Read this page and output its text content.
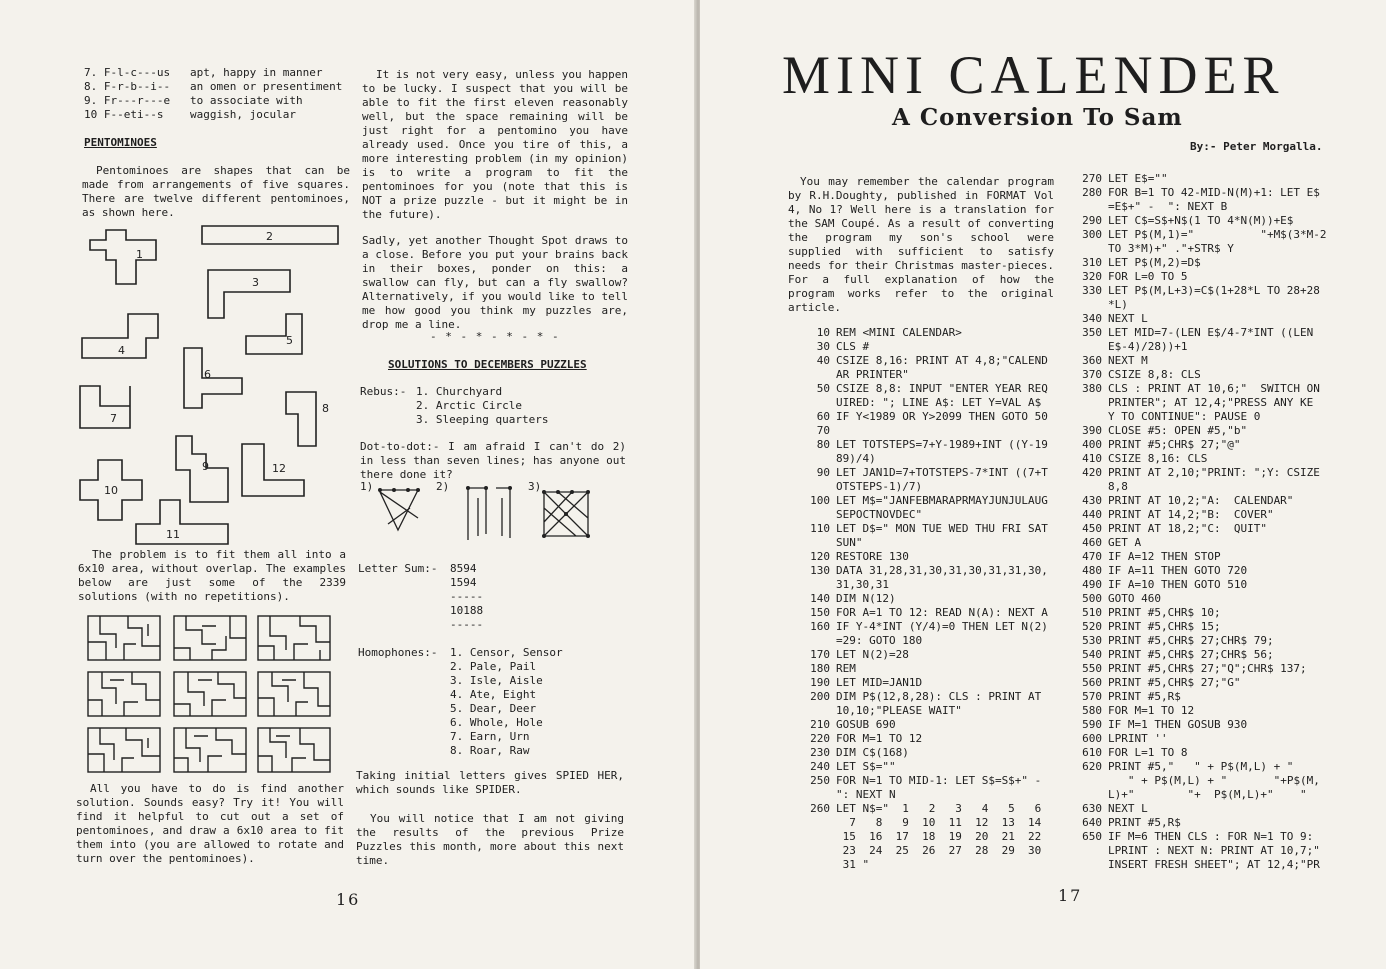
7. F-l-c---us	apt, happy in manner
8. F-r-b--i--	an omen or presentiment
9. Fr---r---e	to associate with
10 F--eti--s	waggish, jocular
PENTOMINOES

Pentominoes are shapes that can be made from arrangements of five squares. There are twelve different pentominoes, as shown here.

1
2
3
4
5
6
7
8
9
10
11
12

The problem is to fit them all into a 6x10 area, without overlap. The examples below are just some of the 2339 solutions (with no repetitions).

All you have to do is find another solution. Sounds easy? Try it! You will find it helpful to cut out a set of pentominoes, and draw a 6x10 area to fit them into (you are allowed to rotate and turn over the pentominoes).

It is not very easy, unless you happen to be lucky. I suspect that you will be able to fit the first eleven reasonably well, but the space remaining will be just right for a pentomino you have already used. Once you tire of this, a more interesting problem (in my opinion) is to write a program to fit the pentominoes for you (note that this is NOT a prize puzzle - but it might be in the future).

Sadly, yet another Thought Spot draws to a close. Before you put your brains back in their boxes, ponder on this: a swallow can fly, but can a fly swallow? Alternatively, if you would like to tell me how good you think my puzzles are, drop me a line.

- * - * - * - * -
SOLUTIONS TO DECEMBERS PUZZLES
Rebus:- 1. Churchyard
2. Arctic Circle
3. Sleeping quarters

Dot-to-dot:- I am afraid I can't do 2) in less than seven lines; has anyone out there done it?

1)	2)	3)
Letter Sum:-	8594
1594
-----
10188
-----
Homophones:-	1. Censor, Sensor
2. Pale, Pail
3. Isle, Aisle
4. Ate, Eight
5. Dear, Deer
6. Whole, Hole
7. Earn, Urn
8. Roar, Raw

Taking initial letters gives SPIED HER, which sounds like SPIDER.

You will notice that I am not giving the results of the previous Prize Puzzles this month, more about this next time.

16
MINI CALENDER
A Conversion To Sam
By:- Peter Morgalla.

You may remember the calendar program by R.H.Doughty, published in FORMAT Vol 4, No 1? Well here is a translation for the SAM Coupé. As a result of converting the program my son's school were supplied with sufficient to satisfy needs for their Christmas master-pieces. For a full explanation of how the program works refer to the original article.

10 REM <MINI CALENDAR>
30 CLS #
40 CSIZE 8,16: PRINT AT 4,8;"CALEND
AR PRINTER"
50 CSIZE 8,8: INPUT "ENTER YEAR REQ
UIRED: "; LINE A$: LET Y=VAL A$
60 IF Y<1989 OR Y>2099 THEN GOTO 50
70
80 LET TOTSTEPS=7+Y-1989+INT ((Y-19
89)/4)
90 LET JAN1D=7+TOTSTEPS-7*INT ((7+T
OTSTEPS-1)/7)
100 LET M$="JANFEBMARAPRMAYJUNJULAUG
SEPOCTNOVDEC"
110 LET D$=" MON TUE WED THU FRI SAT
SUN"
120 RESTORE 130
130 DATA 31,28,31,30,31,30,31,31,30,
31,30,31
140 DIM N(12)
150 FOR A=1 TO 12: READ N(A): NEXT A
160 IF Y-4*INT (Y/4)=0 THEN LET N(2)
=29: GOTO 180
170 LET N(2)=28
180 REM
190 LET MID=JAN1D
200 DIM P$(12,8,28): CLS : PRINT AT
10,10;"PLEASE WAIT"
210 GOSUB 690
220 FOR M=1 TO 12
230 DIM C$(168)
240 LET S$=""
250 FOR N=1 TO MID-1: LET S$=S$+" -
": NEXT N
260 LET N$="  1   2   3   4   5   6
7   8   9  10  11  12  13  14
15  16  17  18  19  20  21  22
23  24  25  26  27  28  29  30
31 "
270 LET E$=""
280 FOR B=1 TO 42-MID-N(M)+1: LET E$
=E$+" -  ": NEXT B
290 LET C$=S$+N$(1 TO 4*N(M))+E$
300 LET P$(M,1)="          "+M$(3*M-2
TO 3*M)+" ."+STR$ Y
310 LET P$(M,2)=D$
320 FOR L=0 TO 5
330 LET P$(M,L+3)=C$(1+28*L TO 28+28
*L)
340 NEXT L
350 LET MID=7-(LEN E$/4-7*INT ((LEN
E$-4)/28))+1
360 NEXT M
370 CSIZE 8,8: CLS
380 CLS : PRINT AT 10,6;"  SWITCH ON
PRINTER"; AT 12,4;"PRESS ANY KE
Y TO CONTINUE": PAUSE 0
390 CLOSE #5: OPEN #5,"b"
400 PRINT #5;CHR$ 27;"@"
410 CSIZE 8,16: CLS
420 PRINT AT 2,10;"PRINT: ";Y: CSIZE
8,8
430 PRINT AT 10,2;"A:  CALENDAR"
440 PRINT AT 14,2;"B:  COVER"
450 PRINT AT 18,2;"C:  QUIT"
460 GET A
470 IF A=12 THEN STOP
480 IF A=11 THEN GOTO 720
490 IF A=10 THEN GOTO 510
500 GOTO 460
510 PRINT #5,CHR$ 10;
520 PRINT #5,CHR$ 15;
530 PRINT #5,CHR$ 27;CHR$ 79;
540 PRINT #5,CHR$ 27;CHR$ 56;
550 PRINT #5,CHR$ 27;"Q";CHR$ 137;
560 PRINT #5,CHR$ 27;"G"
570 PRINT #5,R$
580 FOR M=1 TO 12
590 IF M=1 THEN GOSUB 930
600 LPRINT ''
610 FOR L=1 TO 8
620 PRINT #5,"   " + P$(M,L) + "
" + P$(M,L) + "       "+P$(M,
L)+"        "+  P$(M,L)+"    "
630 NEXT L
640 PRINT #5,R$
650 IF M=6 THEN CLS : FOR N=1 TO 9:
LPRINT : NEXT N: PRINT AT 10,7;"
INSERT FRESH SHEET"; AT 12,4;"PR
17
